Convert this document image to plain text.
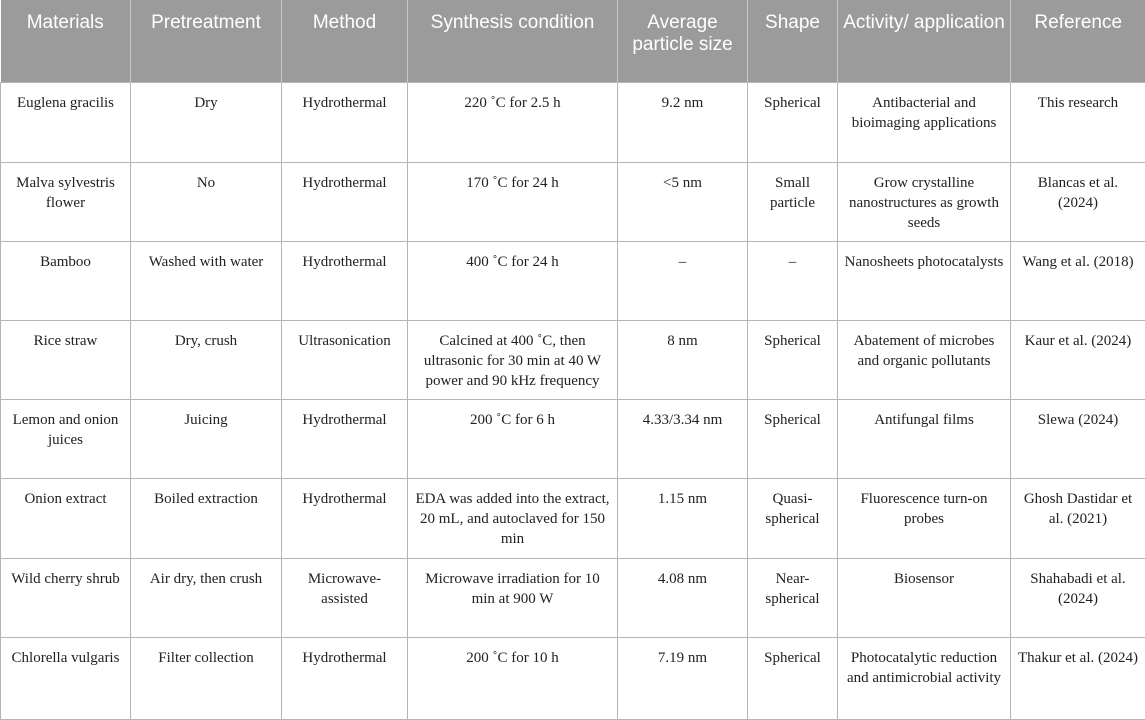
Materials	Pretreatment	Method	Synthesis condition	Average particle size	Shape	Activity/ application	Reference
Euglena gracilis	Dry	Hydrothermal	220 ˚C for 2.5 h	9.2 nm	Spherical	Antibacterial and bioimaging applications	This research
Malva sylvestris flower	No	Hydrothermal	170 ˚C for 24 h	<5 nm	Small particle	Grow crystalline nanostructures as growth seeds	Blancas et al. (2024)
Bamboo	Washed with water	Hydrothermal	400 ˚C for 24 h	–	–	Nanosheets photocatalysts	Wang et al. (2018)
Rice straw	Dry, crush	Ultrasonication	Calcined at 400 ˚C, then ultrasonic for 30 min at 40 W power and 90 kHz frequency	8 nm	Spherical	Abatement of microbes and organic pollutants	Kaur et al. (2024)
Lemon and onion juices	Juicing	Hydrothermal	200 ˚C for 6 h	4.33/3.34 nm	Spherical	Antifungal films	Slewa (2024)
Onion extract	Boiled extraction	Hydrothermal	EDA was added into the extract, 20 mL, and autoclaved for 150 min	1.15 nm	Quasi-spherical	Fluorescence turn-on probes	Ghosh Dastidar et al. (2021)
Wild cherry shrub	Air dry, then crush	Microwave-assisted	Microwave irradiation for 10 min at 900 W	4.08 nm	Near-spherical	Biosensor	Shahabadi et al. (2024)
Chlorella vulgaris	Filter collection	Hydrothermal	200 ˚C for 10 h	7.19 nm	Spherical	Photocatalytic reduction and antimicrobial activity	Thakur et al. (2024)
